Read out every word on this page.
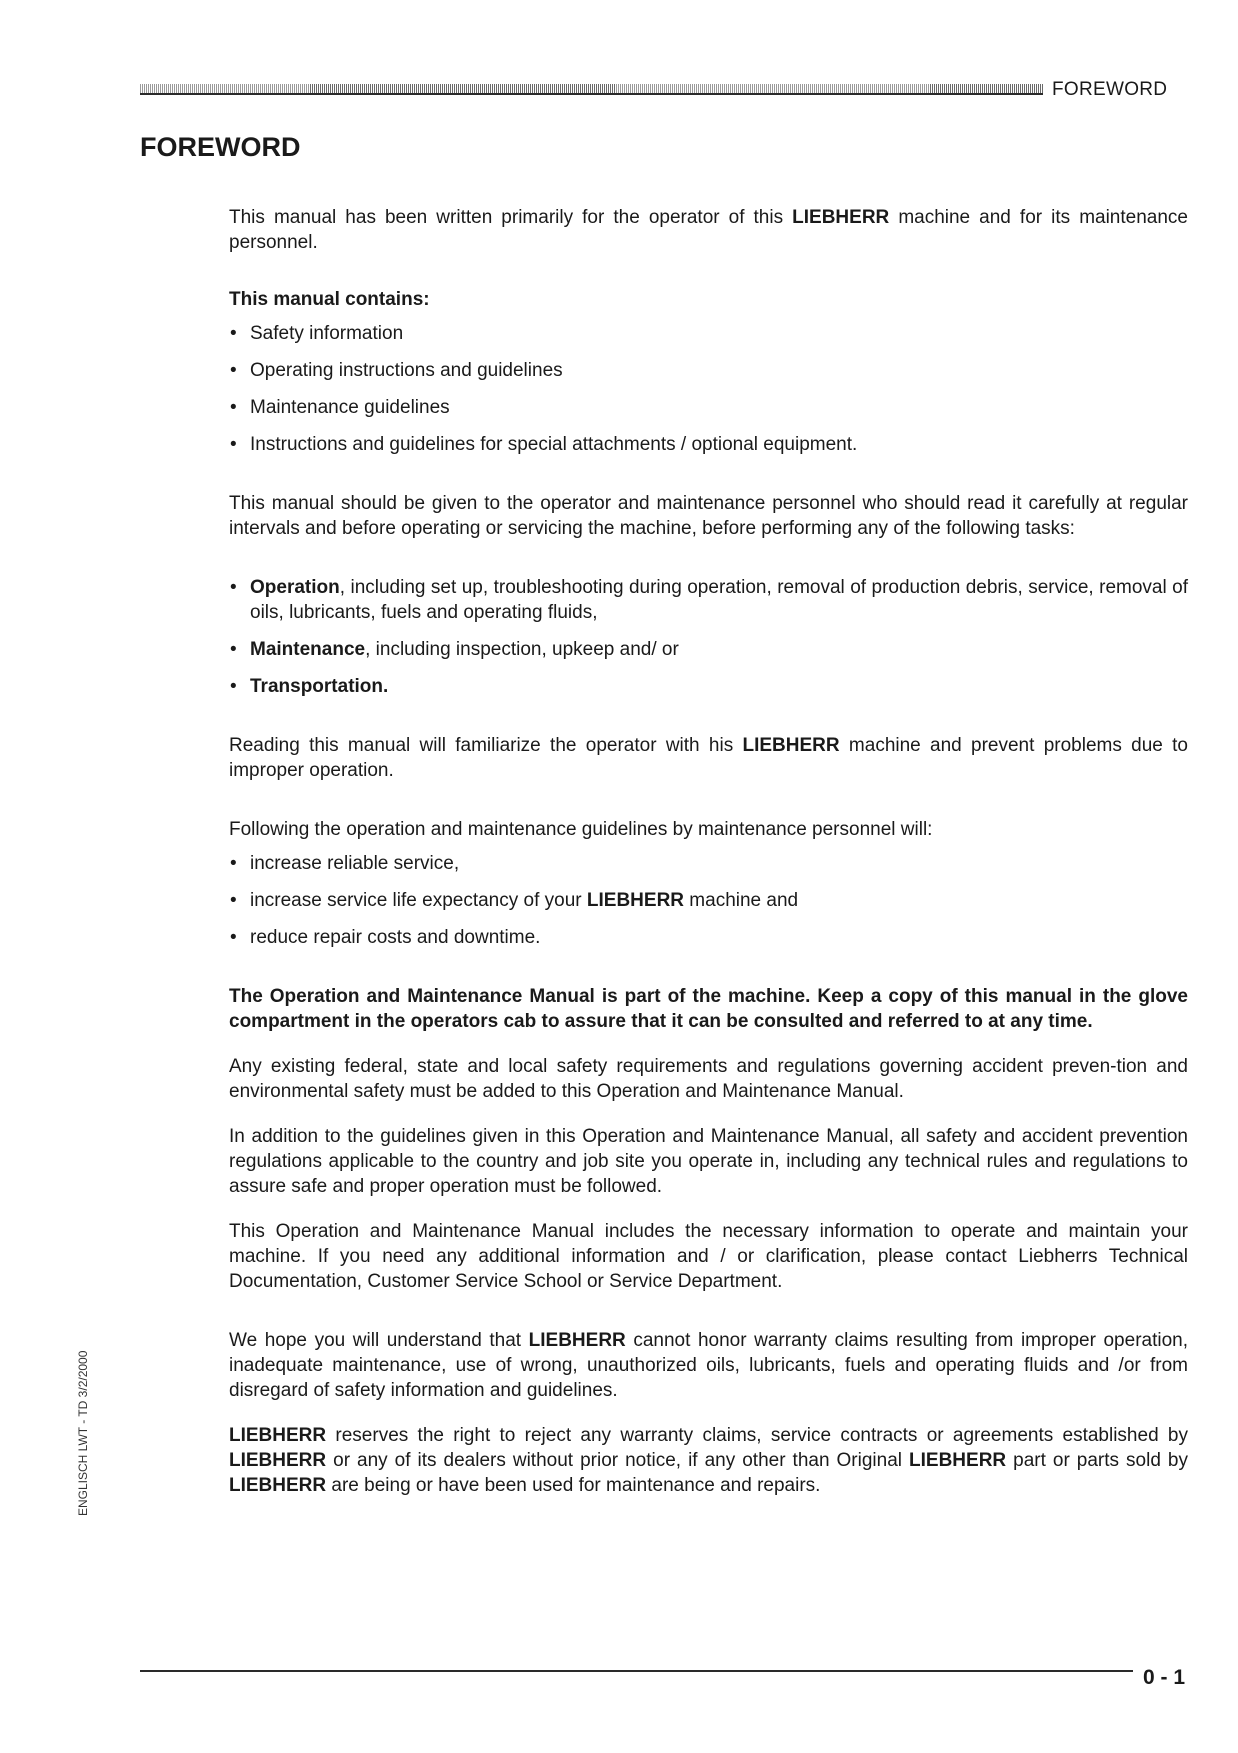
FOREWORD
FOREWORD

This manual has been written primarily for the operator of this LIEBHERR machine and for its maintenance personnel.

This manual contains:

• Safety information
• Operating instructions and guidelines
• Maintenance guidelines
• Instructions and guidelines for special attachments / optional equipment.

This manual should be given to the operator and maintenance personnel who should read it carefully at regular intervals and before operating or servicing the machine, before performing any of the following tasks:

• Operation, including set up, troubleshooting during operation, removal of production debris, service, removal of oils, lubricants, fuels and operating fluids,
• Maintenance, including inspection, upkeep and/ or
• Transportation.

Reading this manual will familiarize the operator with his LIEBHERR machine and prevent problems due to improper operation.

Following the operation and maintenance guidelines by maintenance personnel will:

• increase reliable service,
• increase service life expectancy of your LIEBHERR machine and
• reduce repair costs and downtime.

The Operation and Maintenance Manual is part of the machine. Keep a copy of this manual in the glove compartment in the operators cab to assure that it can be consulted and referred to at any time.

Any existing federal, state and local safety requirements and regulations governing accident preven-tion and environmental safety must be added to this Operation and Maintenance Manual.

In addition to the guidelines given in this Operation and Maintenance Manual, all safety and accident prevention regulations applicable to the country and job site you operate in, including any technical rules and regulations to assure safe and proper operation must be followed.

This Operation and Maintenance Manual includes the necessary information to operate and maintain your machine. If you need any additional information and / or clarification, please contact Liebherrs Technical Documentation, Customer Service School or Service Department.

We hope you will understand that LIEBHERR cannot honor warranty claims resulting from improper operation, inadequate maintenance, use of wrong, unauthorized oils, lubricants, fuels and operating fluids and /or from disregard of safety information and guidelines.

LIEBHERR reserves the right to reject any warranty claims, service contracts or agreements established by LIEBHERR or any of its dealers without prior notice, if any other than Original LIEBHERR part or parts sold by LIEBHERR are being or have been used for maintenance and repairs.

ENGLISCH LWT - TD 3/2/2000
0 - 1
